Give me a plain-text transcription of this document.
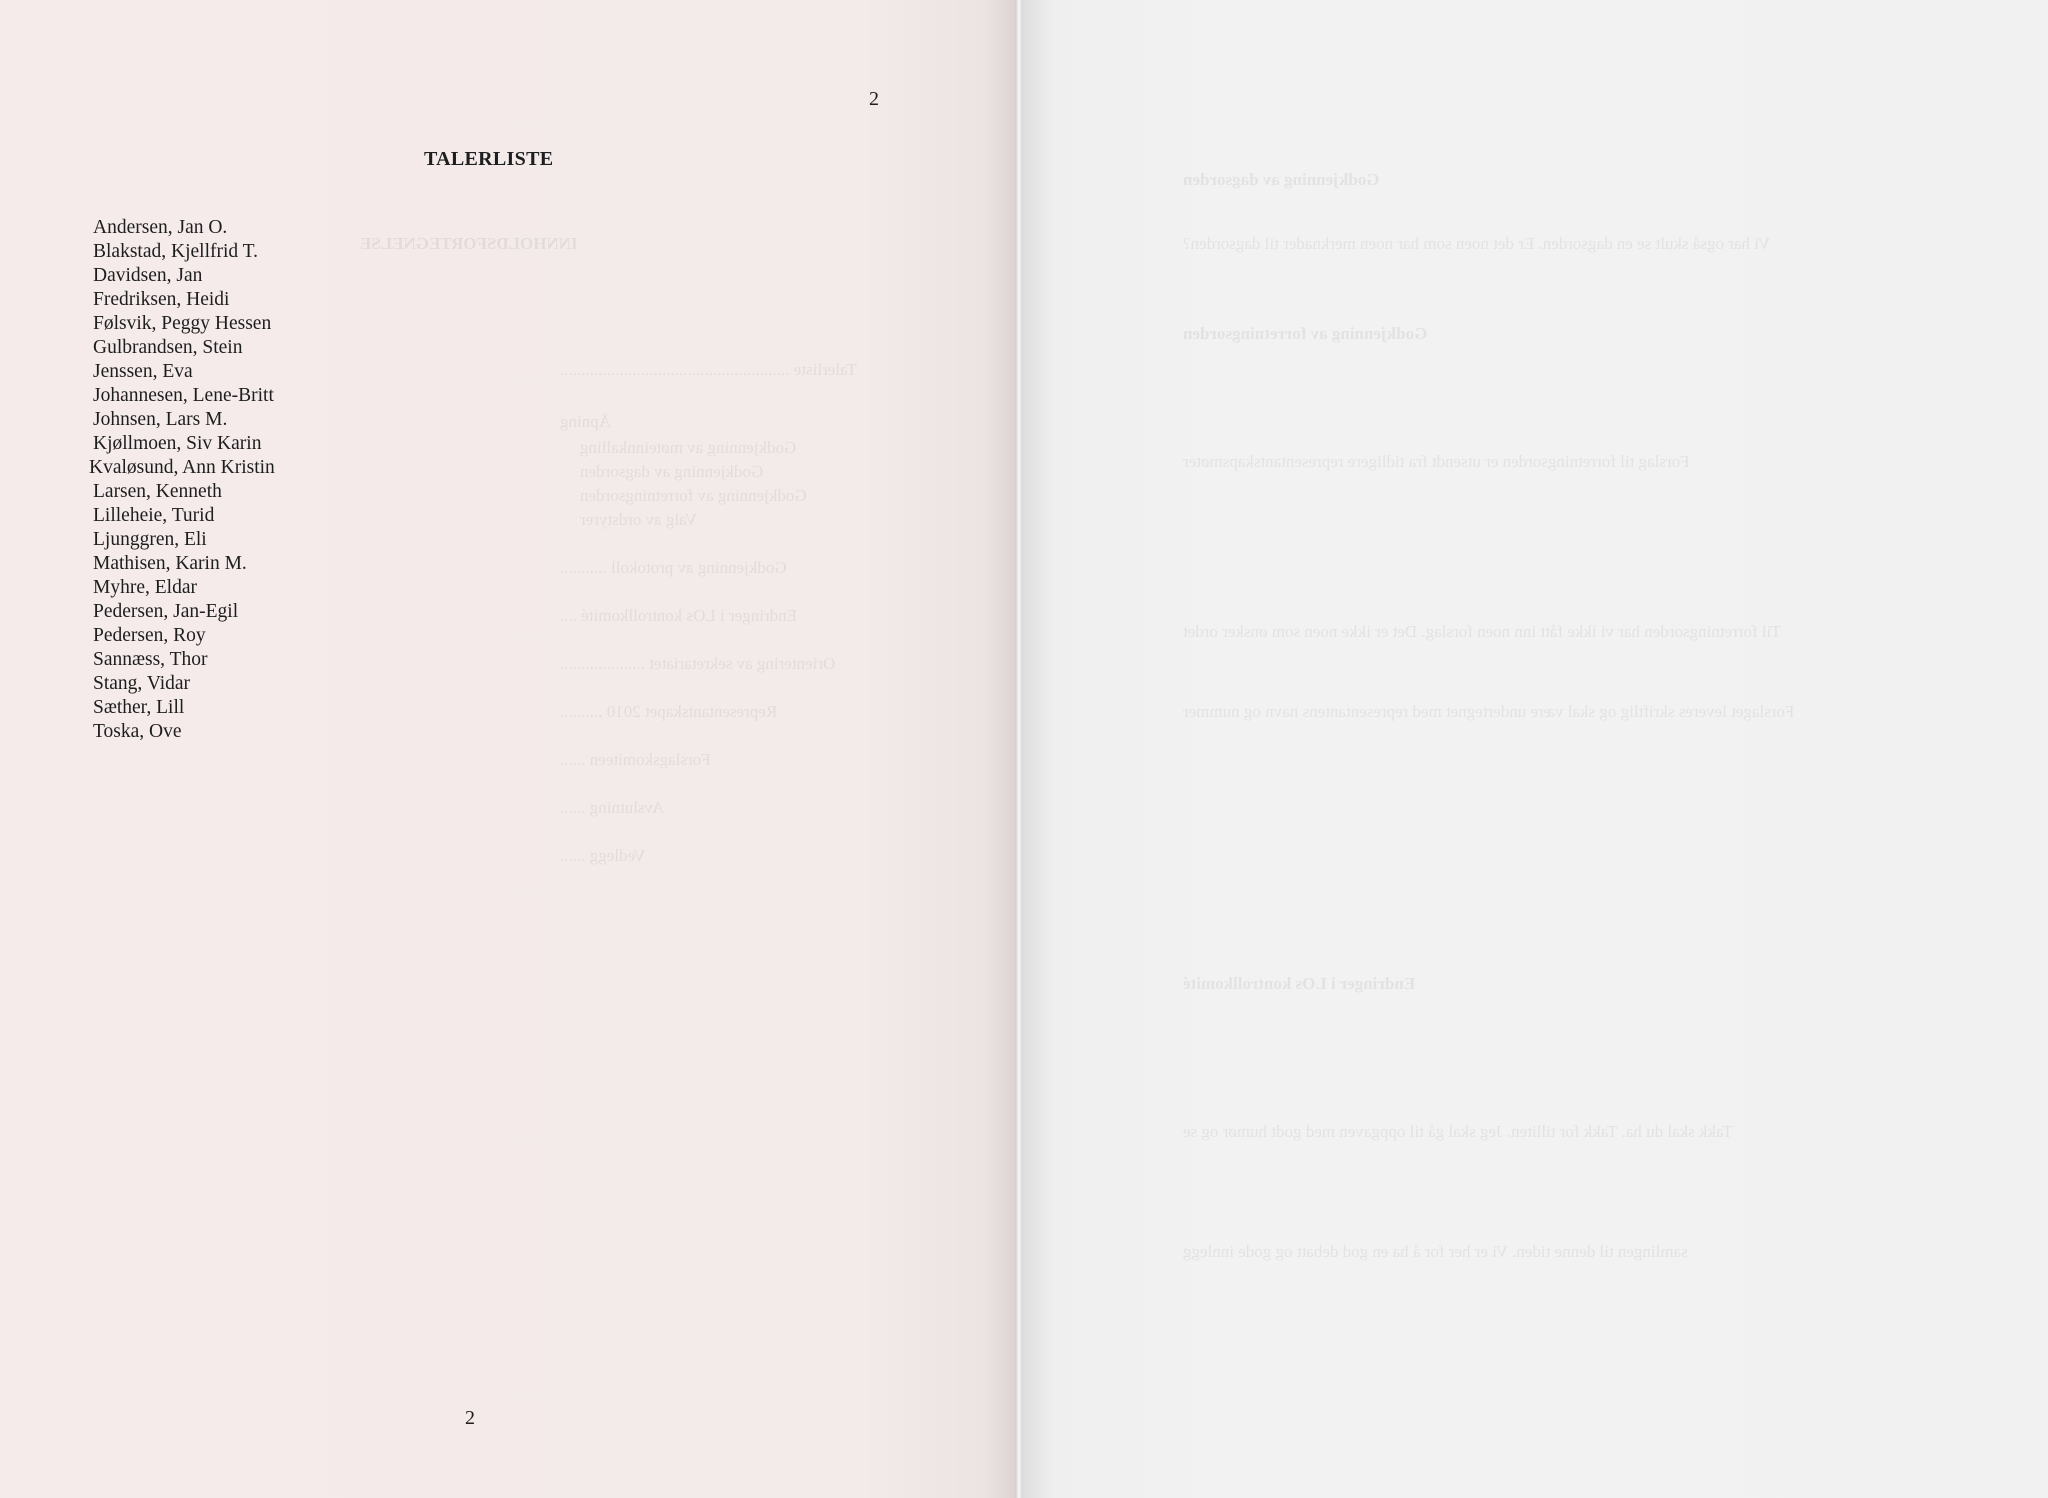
INNHOLDSFORTEGNELSE
Talerliste ......................................................
Åpning
Godkjenning av møteinnkalling
Godkjenning av dagsorden
Godkjenning av forretningsorden
Valg av ordstyrer
Godkjenning av protokoll ...........
Endringer i LOs kontrollkomité ....
Orientering av sekretariatet ....................
Representantskapet 2010 ..........
Forslagskomiteen ......
Avslutning ......
Vedlegg ......
2
TALERLISTE
Andersen, Jan O.
Blakstad, Kjellfrid T.
Davidsen, Jan
Fredriksen, Heidi
Følsvik, Peggy Hessen
Gulbrandsen, Stein
Jenssen, Eva
Johannesen, Lene-Britt
Johnsen, Lars M.
Kjøllmoen, Siv Karin
Kvaløsund, Ann Kristin
Larsen, Kenneth
Lilleheie, Turid
Ljunggren, Eli
Mathisen, Karin M.
Myhre, Eldar
Pedersen, Jan-Egil
Pedersen, Roy
Sannæss, Thor
Stang, Vidar
Sæther, Lill
Toska, Ove
2
Godkjenning av dagsorden
Vi har også skult se en dagsorden. Er det noen som har noen merknader til dagsorden?
Godkjenning av forretningsorden
Forslag til forretningsorden er utsendt fra tidligere representantskapsmøter
Til forretningsorden har vi ikke fått inn noen forslag. Det er ikke noen som ønsker ordet
Forslaget leveres skriftlig og skal være undertegnet med representantens navn og nummer
Endringer i LOs kontrollkomité
Takk skal du ha. Takk for tilliten. Jeg skal gå til oppgaven med godt humør og se
samlingen til denne tiden. Vi er her for å ha en god debatt og gode innlegg
